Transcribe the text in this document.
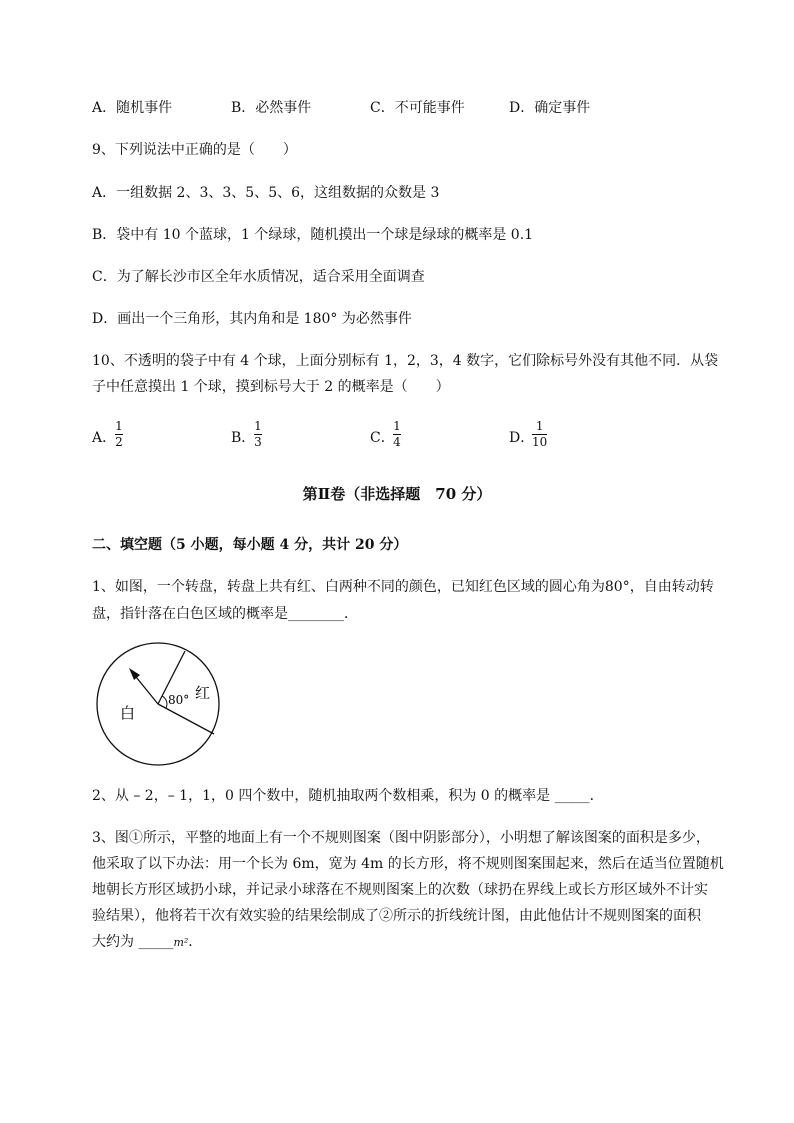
A．随机事件	B．必然事件	C．不可能事件	D．确定事件
9、下列说法中正确的是（　　）
A．一组数据 2、3、3、5、5、6，这组数据的众数是 3
B．袋中有 10 个蓝球，1 个绿球，随机摸出一个球是绿球的概率是 0.1
C．为了解长沙市区全年水质情况，适合采用全面调查
D．画出一个三角形，其内角和是 180° 为必然事件
10、不透明的袋子中有 4 个球，上面分别标有 1，2，3，4 数字，它们除标号外没有其他不同．从袋
子中任意摸出 1 个球，摸到标号大于 2 的概率是（　　）
A．
1
2	B．
1
3	C．
1
4	D．
1
10
第Ⅱ卷（非选择题　70 分）
二、填空题（5 小题，每小题 4 分，共计 20 分）
1、如图，一个转盘，转盘上共有红、白两种不同的颜色，已知红色区域的圆心角为80°，自由转动转
盘，指针落在白色区域的概率是________．
80° 红
白
2、从 – 2，– 1，1，0 四个数中，随机抽取两个数相乘，积为 0 的概率是 _____．
3、图①所示，平整的地面上有一个不规则图案（图中阴影部分），小明想了解该图案的面积是多少，
他采取了以下办法：用一个长为 6m，宽为 4m 的长方形，将不规则图案围起来，然后在适当位置随机
地朝长方形区域扔小球，并记录小球落在不规则图案上的次数（球扔在界线上或长方形区域外不计实
验结果），他将若干次有效实验的结果绘制成了②所示的折线统计图，由此他估计不规则图案的面积
大约为 _____m²．
